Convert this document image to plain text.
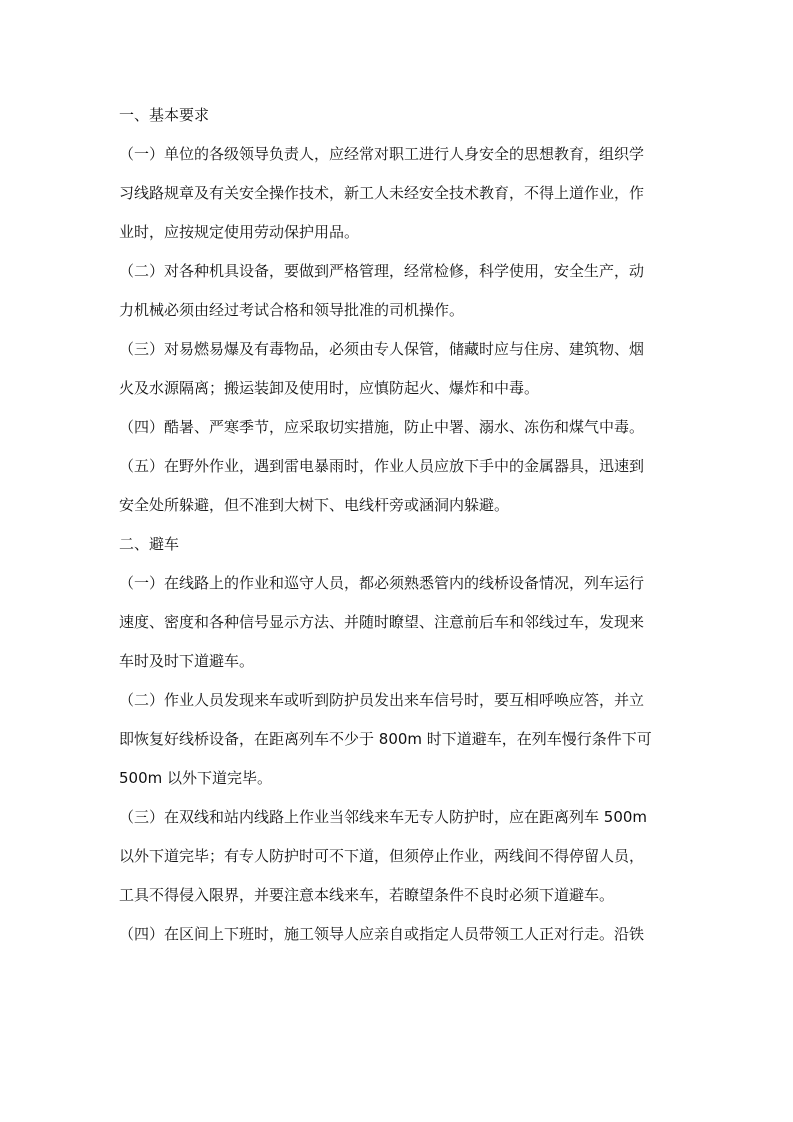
一、基本要求
（一）单位的各级领导负责人，应经常对职工进行人身安全的思想教育，组织学
习线路规章及有关安全操作技术，新工人未经安全技术教育，不得上道作业，作
业时，应按规定使用劳动保护用品。
（二）对各种机具设备，要做到严格管理，经常检修，科学使用，安全生产，动
力机械必须由经过考试合格和领导批准的司机操作。
（三）对易燃易爆及有毒物品，必须由专人保管，储藏时应与住房、建筑物、烟
火及水源隔离；搬运装卸及使用时，应慎防起火、爆炸和中毒。
（四）酷暑、严寒季节，应采取切实措施，防止中署、溺水、冻伤和煤气中毒。
（五）在野外作业，遇到雷电暴雨时，作业人员应放下手中的金属器具，迅速到
安全处所躲避，但不准到大树下、电线杆旁或涵洞内躲避。
二、避车
（一）在线路上的作业和巡守人员，都必须熟悉管内的线桥设备情况，列车运行
速度、密度和各种信号显示方法、并随时瞭望、注意前后车和邻线过车，发现来
车时及时下道避车。
（二）作业人员发现来车或听到防护员发出来车信号时，要互相呼唤应答，并立
即恢复好线桥设备，在距离列车不少于 800m 时下道避车，在列车慢行条件下可
500m 以外下道完毕。
（三）在双线和站内线路上作业当邻线来车无专人防护时，应在距离列车 500m
以外下道完毕；有专人防护时可不下道，但须停止作业，两线间不得停留人员，
工具不得侵入限界，并要注意本线来车，若瞭望条件不良时必须下道避车。
（四）在区间上下班时，施工领导人应亲自或指定人员带领工人正对行走。沿铁
